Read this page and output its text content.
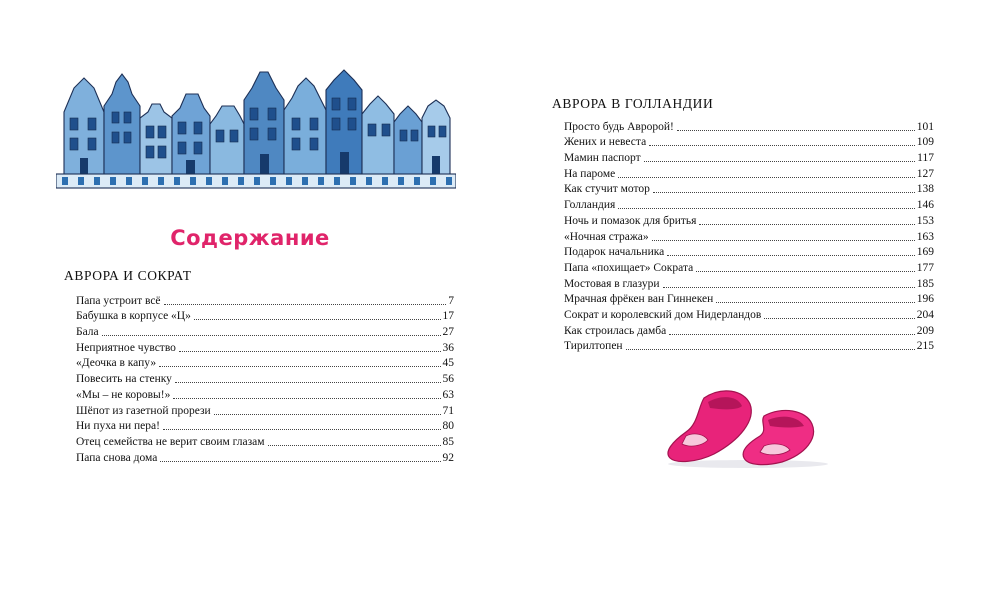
Содержание
АВРОРА И СОКРАТ
Папа устроит всё	7
Бабушка в корпусе «Ц»	17
Бала	27
Неприятное чувство	36
«Деочка в капу»	45
Повесить на стенку	56
«Мы – не коровы!»	63
Шёпот из газетной прорези	71
Ни пуха ни пера!	80
Отец семейства не верит своим глазам	85
Папа снова дома	92
АВРОРА В ГОЛЛАНДИИ
Просто будь Авророй!	101
Жених и невеста	109
Мамин паспорт	117
На пароме	127
Как стучит мотор	138
Голландия	146
Ночь и помазок для бритья	153
«Ночная стража»	163
Подарок начальника	169
Папа «похищает» Сократа	177
Мостовая в глазури	185
Мрачная фрёкен ван Гиннекен	196
Сократ и королевский дом Нидерландов	204
Как строилась дамба	209
Тирилтопен	215
